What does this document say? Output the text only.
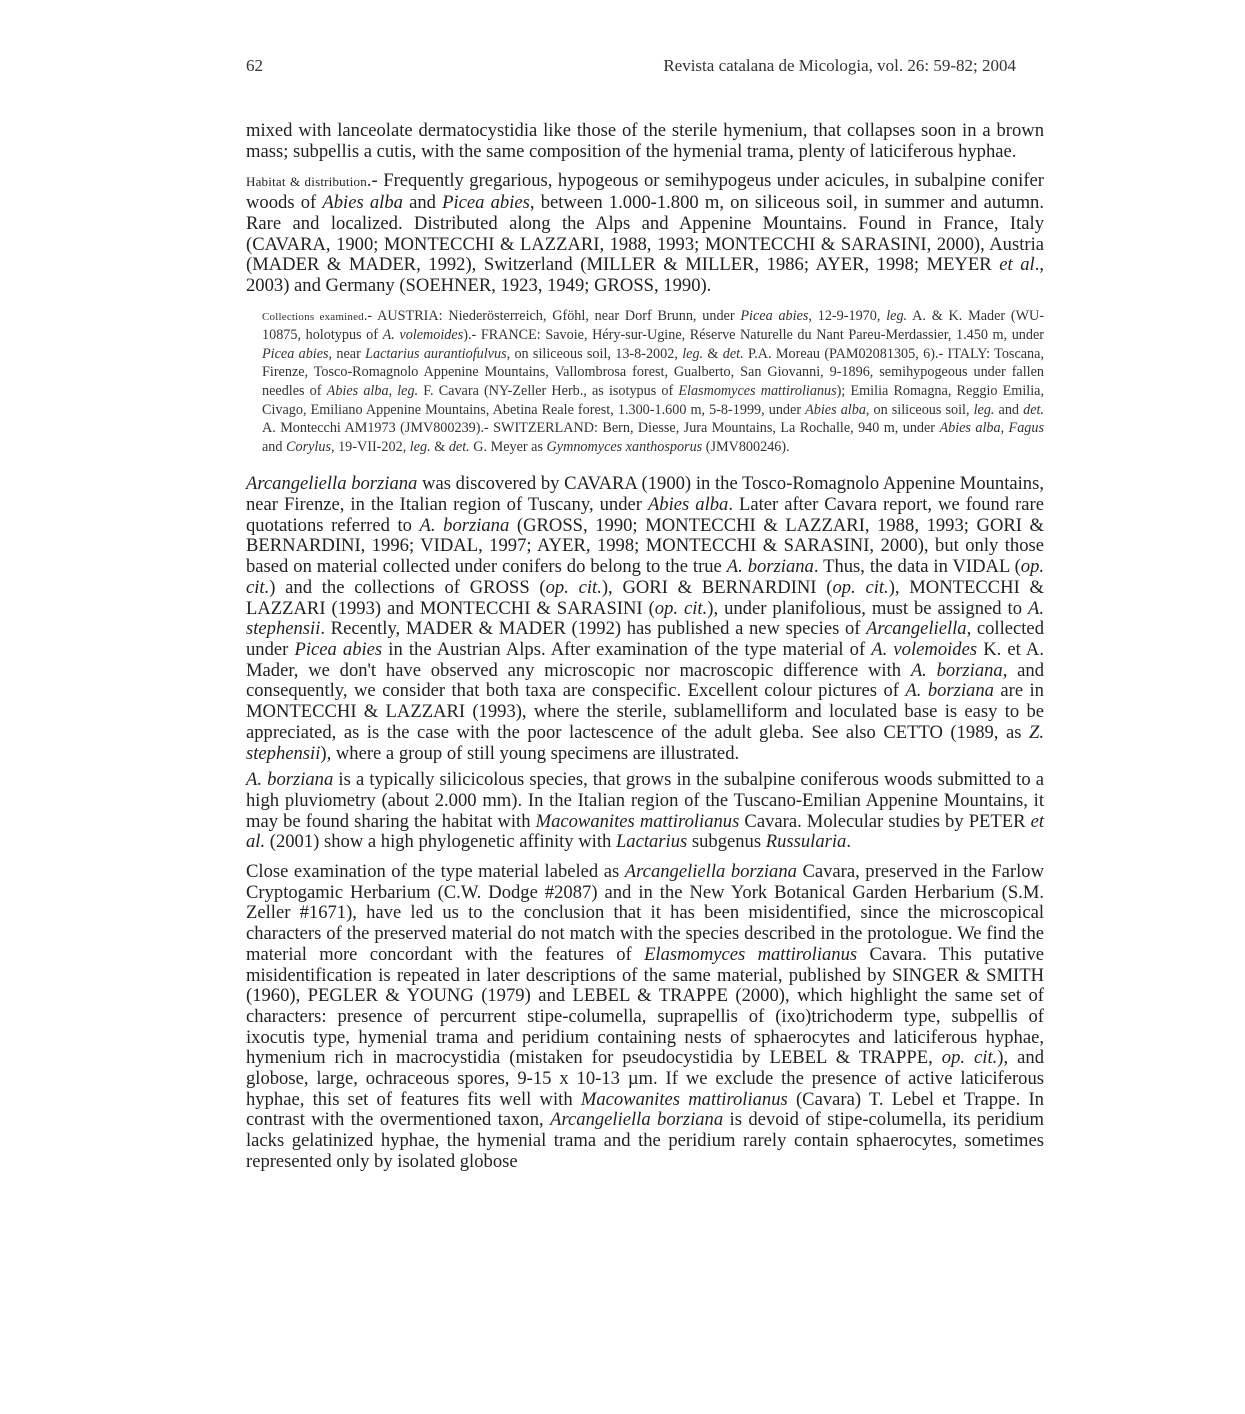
62	Revista catalana de Micologia, vol. 26: 59-82; 2004

mixed with lanceolate dermatocystidia like those of the sterile hymenium, that collapses soon in a brown mass; subpellis a cutis, with the same composition of the hymenial trama, plenty of laticiferous hyphae.

Habitat & distribution.- Frequently gregarious, hypogeous or semihypogeus under acicules, in subalpine conifer woods of Abies alba and Picea abies, between 1.000-1.800 m, on siliceous soil, in summer and autumn. Rare and localized. Distributed along the Alps and Appenine Mountains. Found in France, Italy (CAVARA, 1900; MONTECCHI & LAZZARI, 1988, 1993; MONTECCHI & SARASINI, 2000), Austria (MADER & MADER, 1992), Switzerland (MILLER & MILLER, 1986; AYER, 1998; MEYER et al., 2003) and Germany (SOEHNER, 1923, 1949; GROSS, 1990).

Collections examined.- AUSTRIA: Niederösterreich, Gföhl, near Dorf Brunn, under Picea abies, 12-9-1970, leg. A. & K. Mader (WU-10875, holotypus of A. volemoides).- FRANCE: Savoie, Héry-sur-Ugine, Réserve Naturelle du Nant Pareu-Merdassier, 1.450 m, under Picea abies, near Lactarius aurantiofulvus, on siliceous soil, 13-8-2002, leg. & det. P.A. Moreau (PAM02081305, 6).- ITALY: Toscana, Firenze, Tosco-Romagnolo Appenine Mountains, Vallombrosa forest, Gualberto, San Giovanni, 9-1896, semihypogeous under fallen needles of Abies alba, leg. F. Cavara (NY-Zeller Herb., as isotypus of Elasmomyces mattirolianus); Emilia Romagna, Reggio Emilia, Civago, Emiliano Appenine Mountains, Abetina Reale forest, 1.300-1.600 m, 5-8-1999, under Abies alba, on siliceous soil, leg. and det. A. Montecchi AM1973 (JMV800239).- SWITZERLAND: Bern, Diesse, Jura Mountains, La Rochalle, 940 m, under Abies alba, Fagus and Corylus, 19-VII-202, leg. & det. G. Meyer as Gymnomyces xanthosporus (JMV800246).

Arcangeliella borziana was discovered by CAVARA (1900) in the Tosco-Romagnolo Appenine Mountains, near Firenze, in the Italian region of Tuscany, under Abies alba. Later after Cavara report, we found rare quotations referred to A. borziana (GROSS, 1990; MONTECCHI & LAZZARI, 1988, 1993; GORI & BERNARDINI, 1996; VIDAL, 1997; AYER, 1998; MONTECCHI & SARASINI, 2000), but only those based on material collected under conifers do belong to the true A. borziana. Thus, the data in VIDAL (op. cit.) and the collections of GROSS (op. cit.), GORI & BERNARDINI (op. cit.), MONTECCHI & LAZZARI (1993) and MONTECCHI & SARASINI (op. cit.), under planifolious, must be assigned to A. stephensii. Recently, MADER & MADER (1992) has published a new species of Arcangeliella, collected under Picea abies in the Austrian Alps. After examination of the type material of A. volemoides K. et A. Mader, we don't have observed any microscopic nor macroscopic difference with A. borziana, and consequently, we consider that both taxa are conspecific. Excellent colour pictures of A. borziana are in MONTECCHI & LAZZARI (1993), where the sterile, sublamelliform and loculated base is easy to be appreciated, as is the case with the poor lactescence of the adult gleba. See also CETTO (1989, as Z. stephensii), where a group of still young specimens are illustrated.

A. borziana is a typically silicicolous species, that grows in the subalpine coniferous woods submitted to a high pluviometry (about 2.000 mm). In the Italian region of the Tuscano-Emilian Appenine Mountains, it may be found sharing the habitat with Macowanites mattirolianus Cavara. Molecular studies by PETER et al. (2001) show a high phylogenetic affinity with Lactarius subgenus Russularia.

Close examination of the type material labeled as Arcangeliella borziana Cavara, preserved in the Farlow Cryptogamic Herbarium (C.W. Dodge #2087) and in the New York Botanical Garden Herbarium (S.M. Zeller #1671), have led us to the conclusion that it has been misidentified, since the microscopical characters of the preserved material do not match with the species described in the protologue. We find the material more concordant with the features of Elasmomyces mattirolianus Cavara. This putative misidentification is repeated in later descriptions of the same material, published by SINGER & SMITH (1960), PEGLER & YOUNG (1979) and LEBEL & TRAPPE (2000), which highlight the same set of characters: presence of percurrent stipe-columella, suprapellis of (ixo)trichoderm type, subpellis of ixocutis type, hymenial trama and peridium containing nests of sphaerocytes and laticiferous hyphae, hymenium rich in macrocystidia (mistaken for pseudocystidia by LEBEL & TRAPPE, op. cit.), and globose, large, ochraceous spores, 9-15 x 10-13 µm. If we exclude the presence of active laticiferous hyphae, this set of features fits well with Macowanites mattirolianus (Cavara) T. Lebel et Trappe. In contrast with the overmentioned taxon, Arcangeliella borziana is devoid of stipe-columella, its peridium lacks gelatinized hyphae, the hymenial trama and the peridium rarely contain sphaerocytes, sometimes represented only by isolated globose
